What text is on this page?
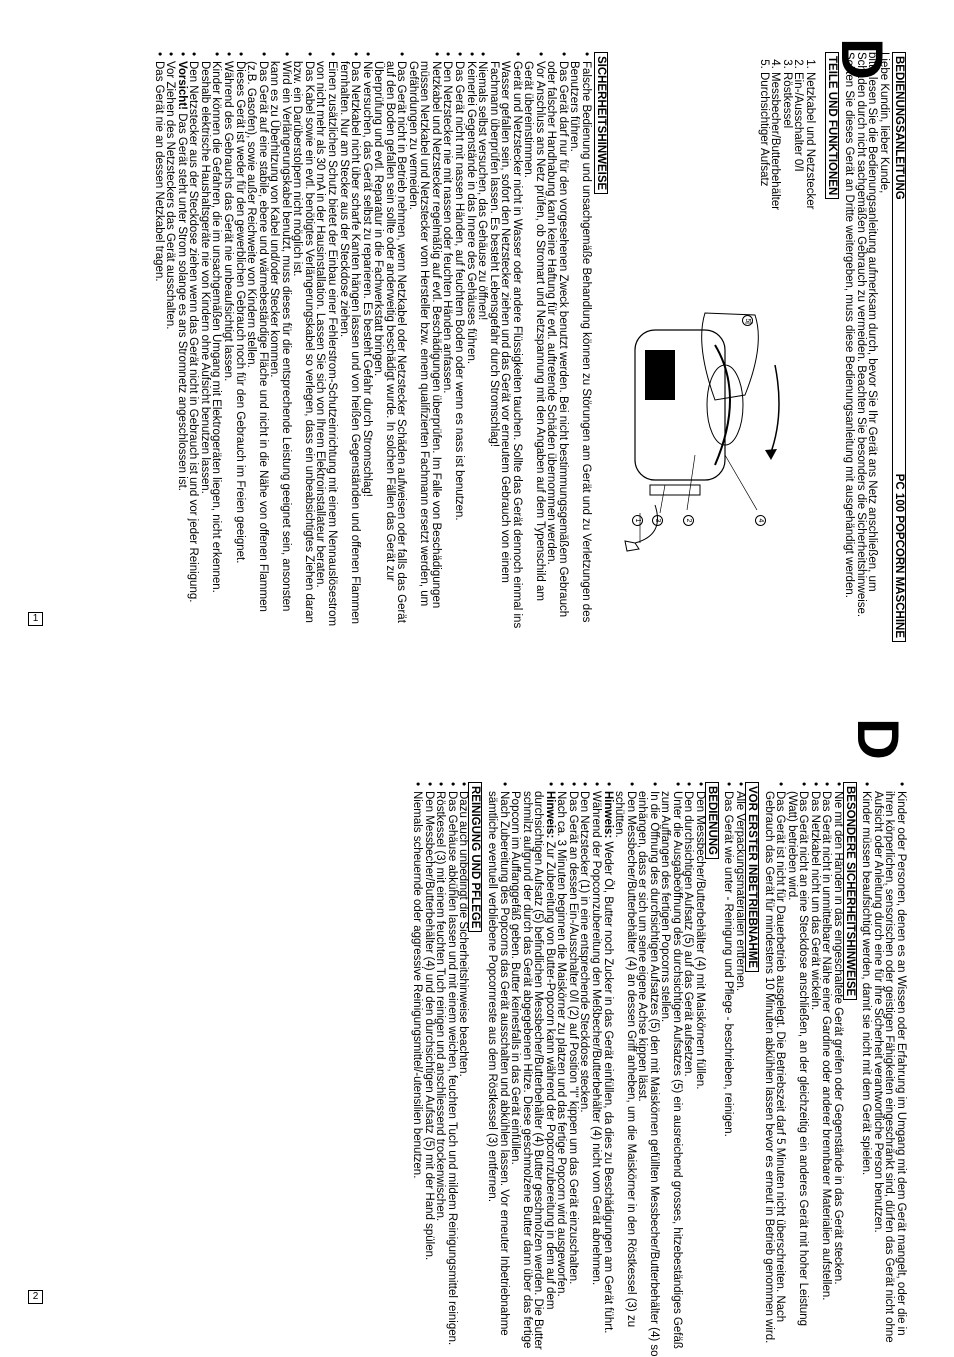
D BEDIENUNGSANLEITUNG
PC 100 POPCORN MASCHINE
Liebe Kundin, lieber Kunde,
bitte lesen Sie die Bedienungsanleitung aufmerksam durch, bevor Sie Ihr Gerät ans Netz anschließen, um
Schäden durch nicht sachgemäßen Gebrauch zu vermeiden. Beachten Sie besonders die Sicherheitshinweise.
Sollten Sie dieses Gerät an Dritte weitergeben, muss diese Bedienungsanleitung mit ausgehändigt werden.
TEILE UND FUNKTIONEN
1. Netzkabel und Netzstecker
2. Ein-/Ausschalter 0/I
3. Röstkessel
4. Messbecher/Butterbehälter
5. Durchsichtiger Aufsatz
5
4
2
3
1
SICHERHEITSHINWEISE
• Falsche Bedienung und unsachgemäße Behandlung können zu Störungen am Gerät und zu Verletzungen des
Benutzers führen.
• Das Gerät darf nur für den vorgesehenen Zweck benutzt werden. Bei nicht bestimmungsgemäßem Gebrauch
oder falscher Handhabung kann keine Haftung für evtl. auftretende Schäden übernommen werden.
• Vor Anschluss ans Netz prüfen, ob Stromart und Netzspannung mit den Angaben auf dem Typenschild am
Gerät übereinstimmen.
• Gerät und Netzstecker nicht in Wasser oder andere Flüssigkeiten tauchen. Sollte das Gerät dennoch einmal ins
Wasser gefallen sein, sofort den Netzstecker ziehen und das Gerät vor erneutem Gebrauch von einem
Fachmann überprüfen lassen. Es besteht Lebensgefahr durch Stromschlag!
• Niemals selbst versuchen, das Gehäuse zu öffnen!
• Keinerlei Gegenstände in das Innere des Gehäuses führen.
• Das Gerät nicht mit nassen Händen, auf feuchtem Boden oder wenn es nass ist benutzen.
• Den Netzstecker nie mit nassen oder feuchten Händen anfassen.
• Netzkabel und Netzstecker regelmäßig auf evtl. Beschädigungen überprüfen. Im Falle von Beschädigungen
müssen Netzkabel und Netzstecker vom Hersteller bzw. einem qualifizierten Fachmann ersetzt werden, um
Gefährdungen zu vermeiden.
• Das Gerät nicht in Betrieb nehmen, wenn Netzkabel oder Netzstecker Schäden aufweisen oder falls das Gerät
auf den Boden gefallen sein sollte oder anderweitig beschädigt wurde. In solchen Fällen das Gerät zur
Überprüfung und evtl. Reparatur in die Fachwerkstatt bringen.
• Nie versuchen, das Gerät selbst zu reparieren. Es besteht Gefahr durch Stromschlag!
• Das Netzkabel nicht über scharfe Kanten hängen lassen und von heißen Gegenständen und offenen Flammen
fernhalten. Nur am Stecker aus der Steckdose ziehen.
• Einen zusätzlichen Schutz bietet der Einbau einer Fehlerstrom-Schutzeinrichtung mit einem Nennauslösestrom
von nicht mehr als 30 mA in der Hausinstallation. Lassen Sie sich von Ihrem Elektroinstallateur beraten.
• Das Kabel sowie ein evtl. benötigtes Verlängerungskabel so verlegen, dass ein unbeabsichtigtes Ziehen daran
bzw. ein Darüberstolpern nicht möglich ist.
• Wird ein Verlängerungskabel benutzt, muss dieses für die entsprechende Leistung geeignet sein, ansonsten
kann es zu Überhitzung von Kabel und/oder Stecker kommen.
• Das Gerät auf eine stabile, ebene und wärmebeständige Fläche und nicht in die Nähe von offenen Flammen
(z.B. Gasofen), sowie außer Reichweite von Kindern stellen.
• Dieses Gerät ist weder für den gewerblichen Gebrauch noch für den Gebrauch im Freien geeignet.
• Während des Gebrauchs das Gerät nie unbeaufsichtigt lassen.
• Kinder können die Gefahren, die im unsachgemäßen Umgang mit Elektrogeräten liegen, nicht erkennen.
Deshalb elektrische Haushaltsgeräte nie von Kindern ohne Aufsicht benutzen lassen.
• Den Netzstecker aus der Steckdose ziehen wenn das Gerät nicht in Gebrauch ist und vor jeder Reinigung.
• Vorsicht! Das Gerät steht unter Strom solange es ans Stromnetz angeschlossen ist.
• Vor Ziehen des Netzsteckers das Gerät ausschalten.
• Das Gerät nie an dessen Netzkabel tragen.
1
D
• Kinder oder Personen, denen es an Wissen oder Erfahrung im Umgang mit dem Gerät mangelt, oder die in
ihren körperlichen, sensorischen oder geistigen Fähigkeiten eingeschränkt sind, dürfen das Gerät nicht ohne
Aufsicht oder Anleitung durch eine für ihre Sicherheit verantwortliche Person benutzen.
• Kinder müssen beaufsichtigt werden, damit sie nicht mit dem Gerät spielen.
BESONDERE SICHERHEITSHINWEISE
• Nie mit den Händen in das eingeschaltete Gerät greifen oder Gegenstände in das Gerät stecken.
• Das Gerät nicht in unmittelbarer Nähe einer Gardine oder anderer brennbarer Materialien aufstellen.
• Das Netzkabel nicht um das Gerät wickeln.
• Das Gerät nicht an eine Steckdose anschließen, an der gleichzeitig ein anderes Gerät mit hoher Leistung
(Watt) betrieben wird.
• Das Gerät ist nicht für Dauerbetrieb ausgelegt. Die Betriebszeit darf 5 Minuten nicht überschreiten. Nach
Gebrauch das Gerät für mindestens 10 Minuten abkühlen lassen bevor es erneut in Betrieb genommen wird.
VOR ERSTER INBETRIEBNAHME
• Alle Verpackungsmaterialien entfernen.
• Das Gerät wie unter - Reinigung und Pflege - beschrieben, reinigen.
BEDIENUNG
• Den Messbecher/Butterbehälter (4) mit Maiskörnern füllen.
• Den durchsichtigen Aufsatz (5) auf das Gerät aufsetzen.
• Unter die Ausgabeöffnung des durchsichtigen Aufsatzes (5) ein ausreichend grosses, hitzebeständiges Gefäß
zum Auffangen des fertigen Popcorns stellen.
• In die Öffnung des durchsichtigen Aufsatzes (5) den mit Maiskörnen gefüllten Messbecher/Butterbehälter (4) so
einhängen, dass er sich um seine eigene Achse kippen lässt.
• Den Messbecher/Butterbehälter (4) an dessen Griff anheben, um die Maiskörner in den Röstkessel (3) zu
schütten.
• Hinweis: Weder Öl, Butter noch Zucker in das Gerät einfüllen, da dies zu Beschädigungen am Gerät führt.
• Während der Popcornzubereitung den Meßbecher/Butterbehälter (4) nicht vom Gerät abnehmen.
• Den Netzstecker (1) in eine entsprechende Steckdose stecken.
• Das Gerät an dessen Ein-/Ausschalter 0/I (2) auf Position "I" kippen um das Gerät einzuschalten.
• Nach ca. 3 Minuten beginnen die Maiskörner zu platzen und das fertige Popcorn wird ausgeworfen.
• Hinweis: Zur Zubereitung von Butter-Popcorn kann während der Popcornzubereitung in dem auf dem
durchsichtigen Aufsatz (5) befindlichen Messbecher/Butterbehälter (4) Butter geschmolzen werden. Die Butter
schmilzt aufgrund der durch das Gerät abgegebenen Hitze. Diese geschmolzene Butter dann über das fertige
Popcorn im Auffanggefäß geben. Butter keinesfalls in das Gerät einfüllen.
• Nach Zubereitung des Popcorns das Gerät ausschalten und abkühlen lassen. Vor erneuter Inbetriebnahme
sämtliche eventuell verbliebene Popcornreste aus dem Röstkessel (3) entfernen.
REINIGUNG UND PFLEGE
• Dazu auch unbedingt die Sicherheitshinweise beachten.
• Das Gehäuse abkühlen lassen und mit einem weichen, feuchten Tuch und mildem Reinigungsmittel reinigen.
• Röstkessel (3) mit einem feuchten Tuch reinigen und anschliessend trockenwischen.
• Den Messbecher/Butterbehälter (4) und den durchsichtigen Aufsatz (5) mit der Hand spülen.
• Niemals scheuernde oder aggressive Reinigungsmittel/-utensilien benutzen.
2
